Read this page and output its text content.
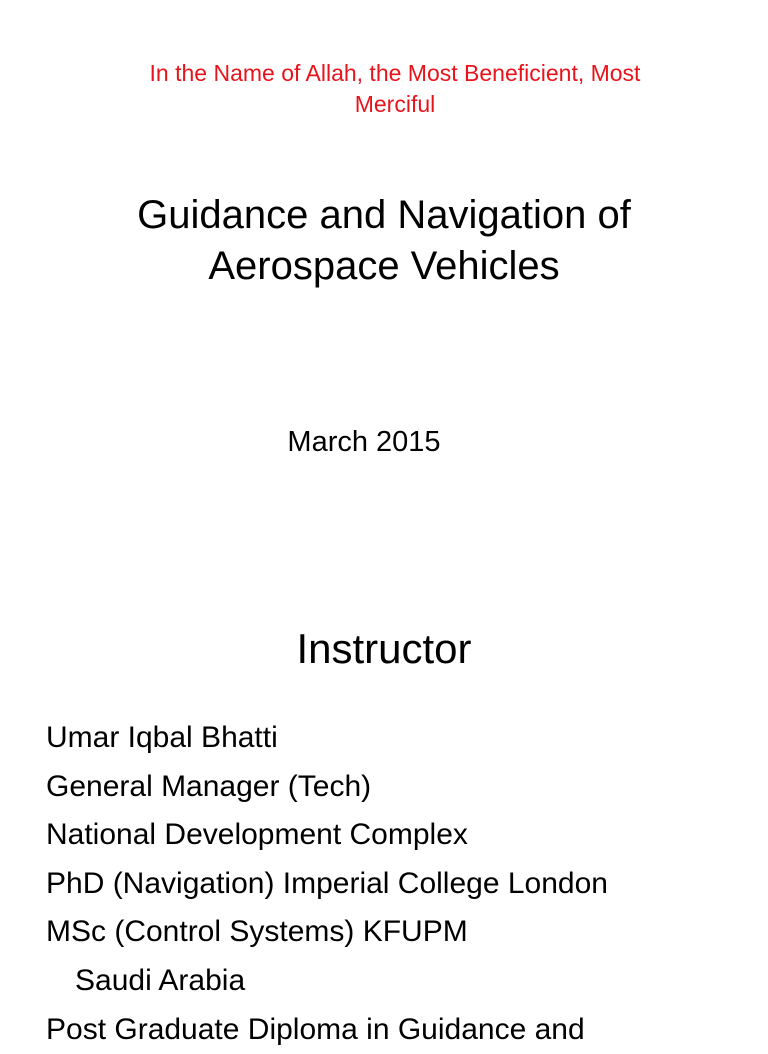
In the Name of Allah, the Most Beneficient, Most
Merciful
Guidance and Navigation of
Aerospace Vehicles
March 2015
Instructor
Umar Iqbal Bhatti
General Manager (Tech)
National Development Complex
PhD (Navigation) Imperial College London
MSc (Control Systems) KFUPM
Saudi Arabia
Post Graduate Diploma in Guidance and
